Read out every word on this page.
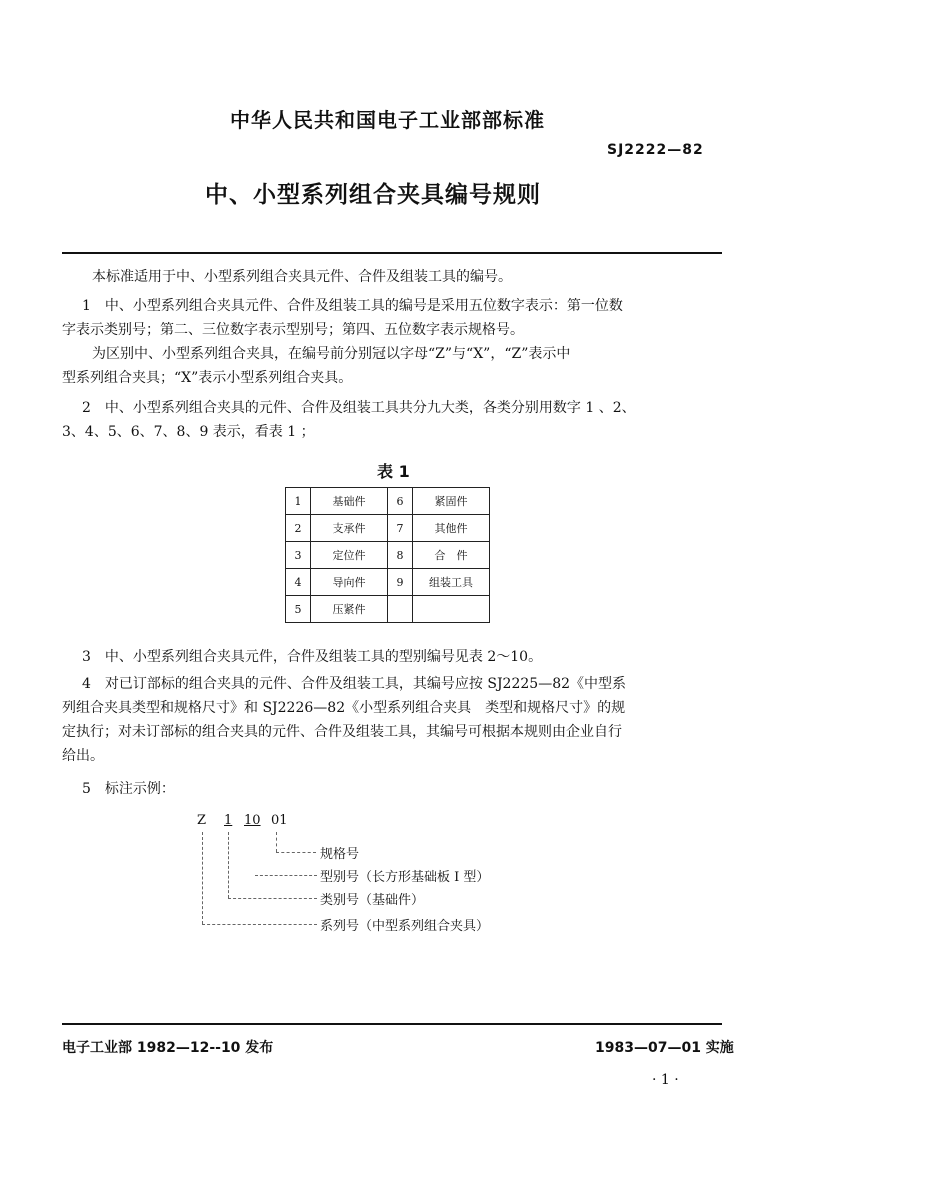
中华人民共和国电子工业部部标准
SJ2222—82
中、小型系列组合夹具编号规则
本标准适用于中、小型系列组合夹具元件、合件及组装工具的编号。
1　中、小型系列组合夹具元件、合件及组装工具的编号是采用五位数字表示：第一位数
字表示类别号；第二、三位数字表示型别号；第四、五位数字表示规格号。
为区别中、小型系列组合夹具，在编号前分别冠以字母“Z”与“X”，“Z”表示中
型系列组合夹具；“X”表示小型系列组合夹具。
2　中、小型系列组合夹具的元件、合件及组装工具共分九大类，各类分别用数字 1 、2、
3、4、5、6、7、8、9 表示，看表 1 ；
表 1
1	基础件	6	紧固件
2	支承件	7	其他件
3	定位件	8	合　件
4	导向件	9	组装工具
5	压紧件		
3　中、小型系列组合夹具元件，合件及组装工具的型别编号见表 2～10。
4　对已订部标的组合夹具的元件、合件及组装工具，其编号应按 SJ2225—82《中型系
列组合夹具类型和规格尺寸》和 SJ2226—82《小型系列组合夹具　类型和规格尺寸》的规
定执行；对未订部标的组合夹具的元件、合件及组装工具，其编号可根据本规则由企业自行
给出。
5　标注示例：
Z 1 10 01
规格号
型别号（长方形基础板 I 型）
类别号（基础件）
系列号（中型系列组合夹具）
电子工业部 1982—12--10 发布	1983—07—01 实施
· 1 ·
